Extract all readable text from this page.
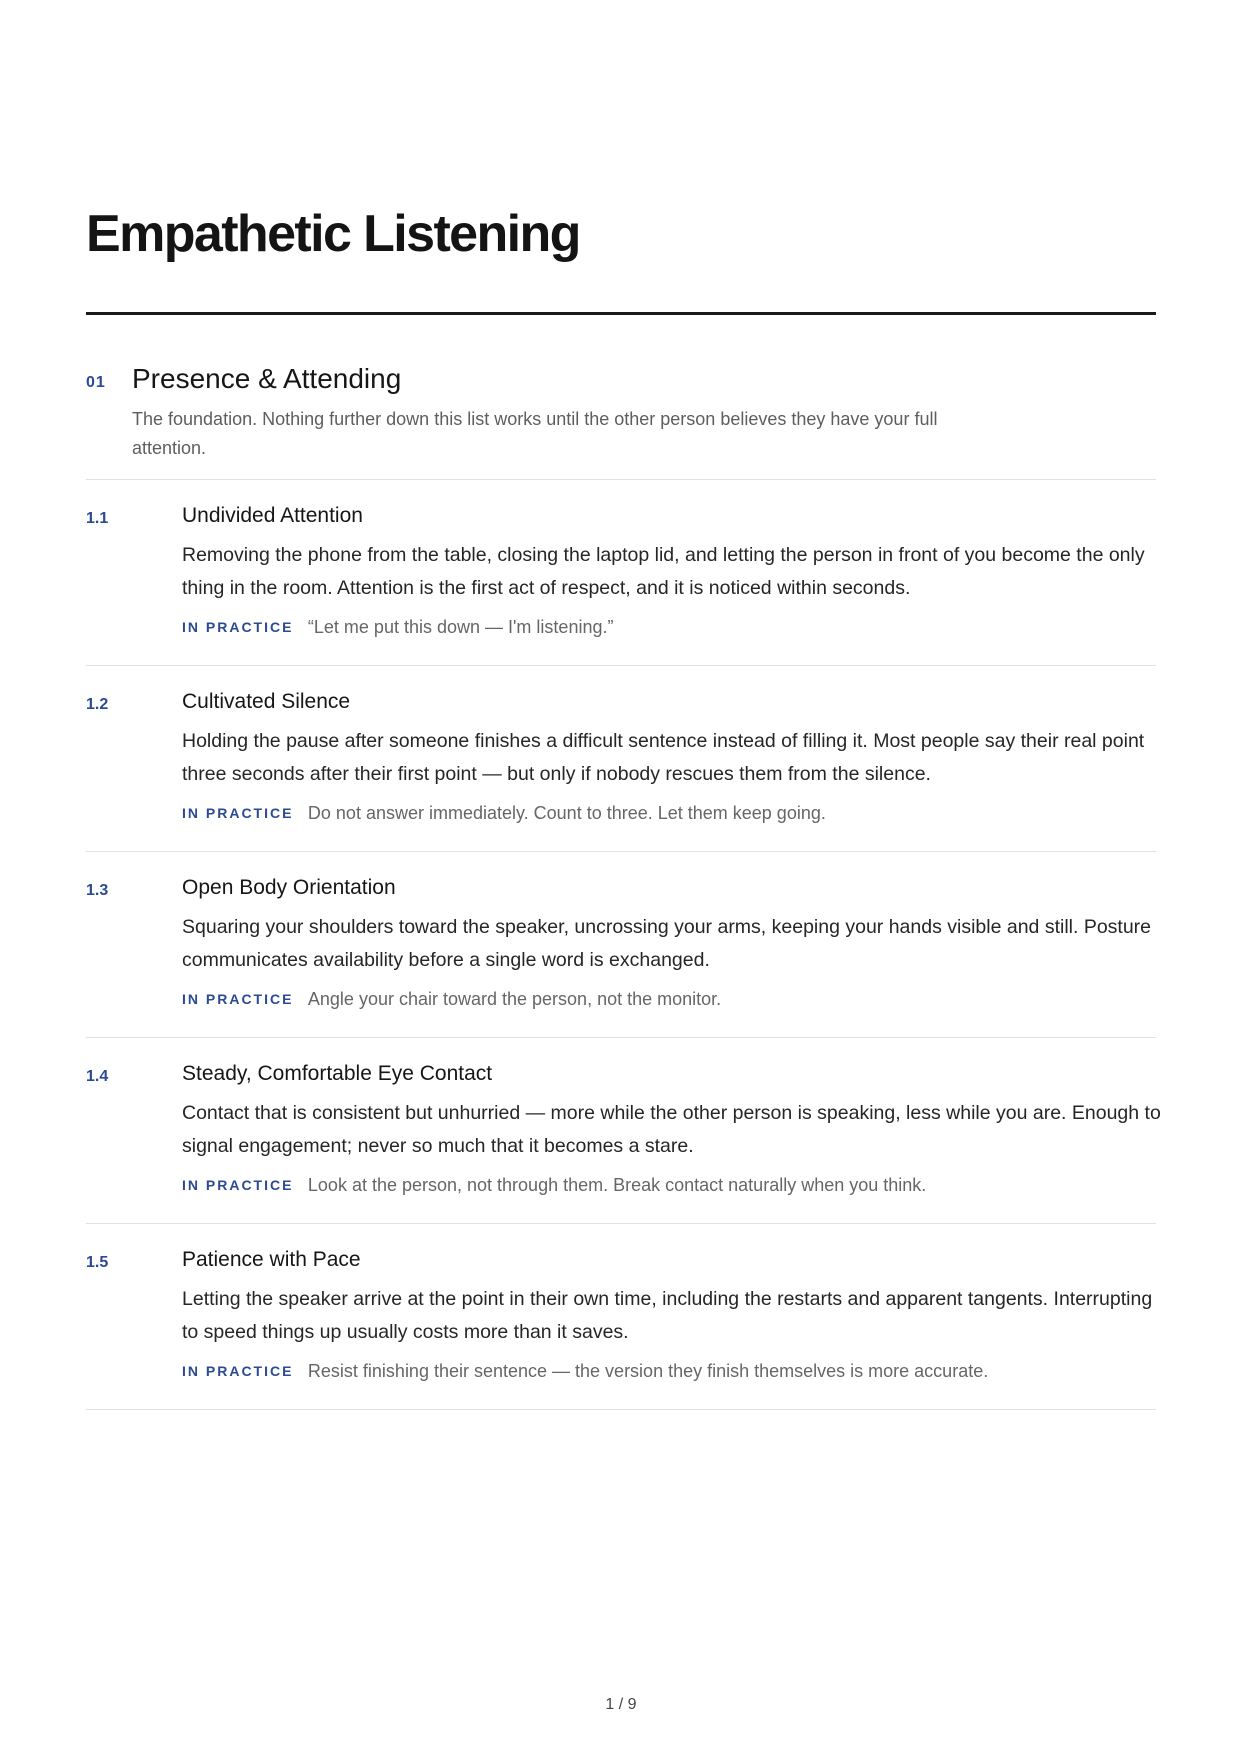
Empathetic Listening
01 Presence & Attending

The foundation. Nothing further down this list works until the other person believes they have your full attention.

1.1	Undivided Attention

Removing the phone from the table, closing the laptop lid, and letting the person in front of you become the only thing in the room. Attention is the first act of respect, and it is noticed within seconds.

IN PRACTICE “Let me put this down — I'm listening.”
1.2	Cultivated Silence

Holding the pause after someone finishes a difficult sentence instead of filling it. Most people say their real point three seconds after their first point — but only if nobody rescues them from the silence.

IN PRACTICE Do not answer immediately. Count to three. Let them keep going.
1.3	Open Body Orientation

Squaring your shoulders toward the speaker, uncrossing your arms, keeping your hands visible and still. Posture communicates availability before a single word is exchanged.

IN PRACTICE Angle your chair toward the person, not the monitor.
1.4	Steady, Comfortable Eye Contact

Contact that is consistent but unhurried — more while the other person is speaking, less while you are. Enough to signal engagement; never so much that it becomes a stare.

IN PRACTICE Look at the person, not through them. Break contact naturally when you think.
1.5	Patience with Pace

Letting the speaker arrive at the point in their own time, including the restarts and apparent tangents. Interrupting to speed things up usually costs more than it saves.

IN PRACTICE Resist finishing their sentence — the version they finish themselves is more accurate.
1 / 9
